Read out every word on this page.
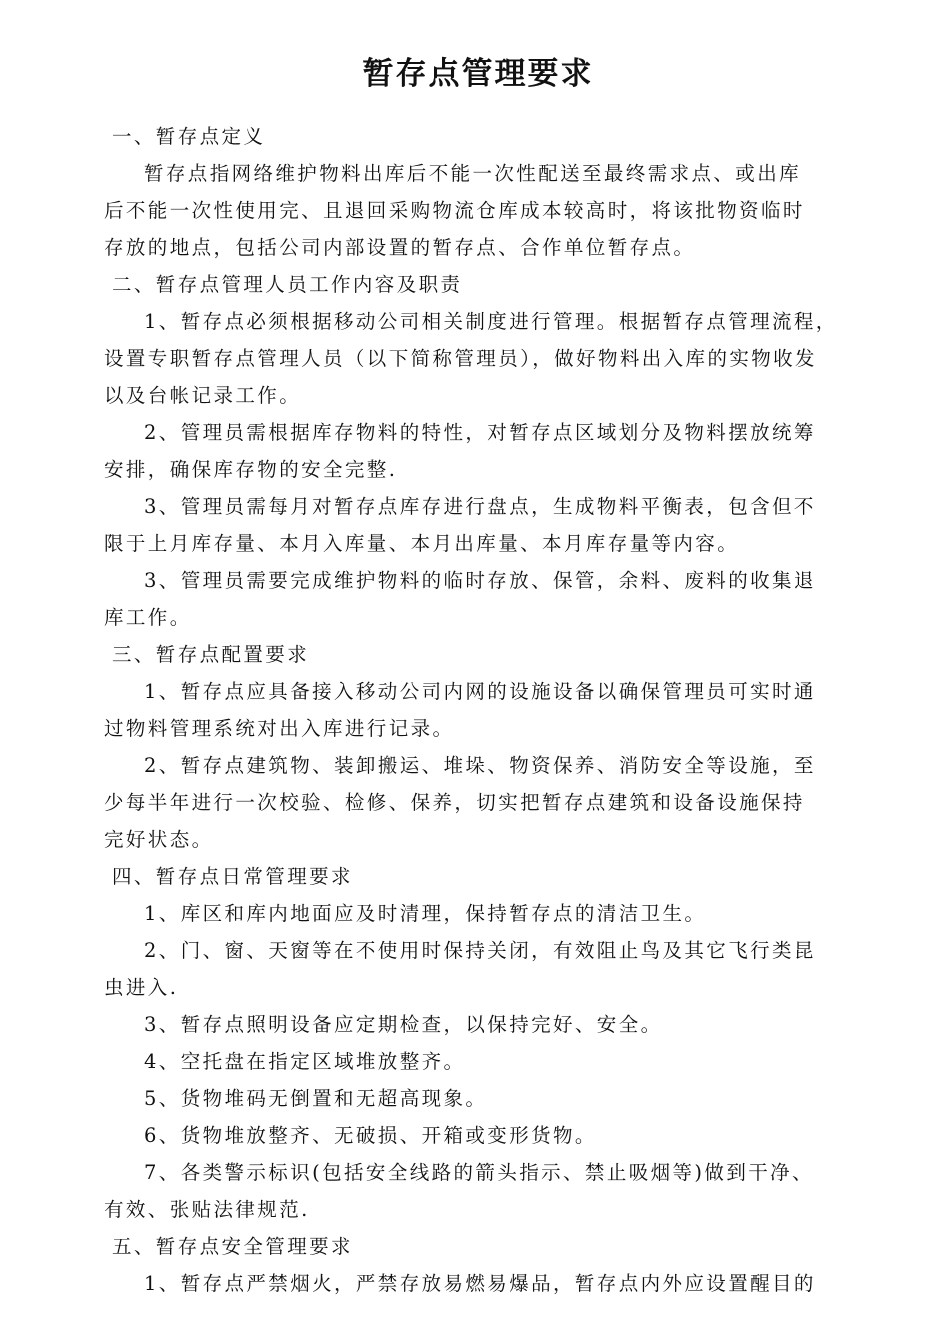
暂存点管理要求

一、暂存点定义

暂存点指网络维护物料出库后不能一次性配送至最终需求点、或出库

后不能一次性使用完、且退回采购物流仓库成本较高时，将该批物资临时

存放的地点，包括公司内部设置的暂存点、合作单位暂存点。

二、暂存点管理人员工作内容及职责

1、暂存点必须根据移动公司相关制度进行管理。根据暂存点管理流程，

设置专职暂存点管理人员（以下简称管理员），做好物料出入库的实物收发

以及台帐记录工作。

2、管理员需根据库存物料的特性，对暂存点区域划分及物料摆放统筹

安排，确保库存物的安全完整.

3、管理员需每月对暂存点库存进行盘点，生成物料平衡表，包含但不

限于上月库存量、本月入库量、本月出库量、本月库存量等内容。

3、管理员需要完成维护物料的临时存放、保管，余料、废料的收集退

库工作。

三、暂存点配置要求

1、暂存点应具备接入移动公司内网的设施设备以确保管理员可实时通

过物料管理系统对出入库进行记录。

2、暂存点建筑物、装卸搬运、堆垛、物资保养、消防安全等设施，至

少每半年进行一次校验、检修、保养，切实把暂存点建筑和设备设施保持

完好状态。

四、暂存点日常管理要求

1、库区和库内地面应及时清理，保持暂存点的清洁卫生。

2、门、窗、天窗等在不使用时保持关闭，有效阻止鸟及其它飞行类昆

虫进入.

3、暂存点照明设备应定期检查，以保持完好、安全。

4、空托盘在指定区域堆放整齐。

5、货物堆码无倒置和无超高现象。

6、货物堆放整齐、无破损、开箱或变形货物。

7、各类警示标识(包括安全线路的箭头指示、禁止吸烟等)做到干净、

有效、张贴法律规范.

五、暂存点安全管理要求

1、暂存点严禁烟火，严禁存放易燃易爆品，暂存点内外应设置醒目的
